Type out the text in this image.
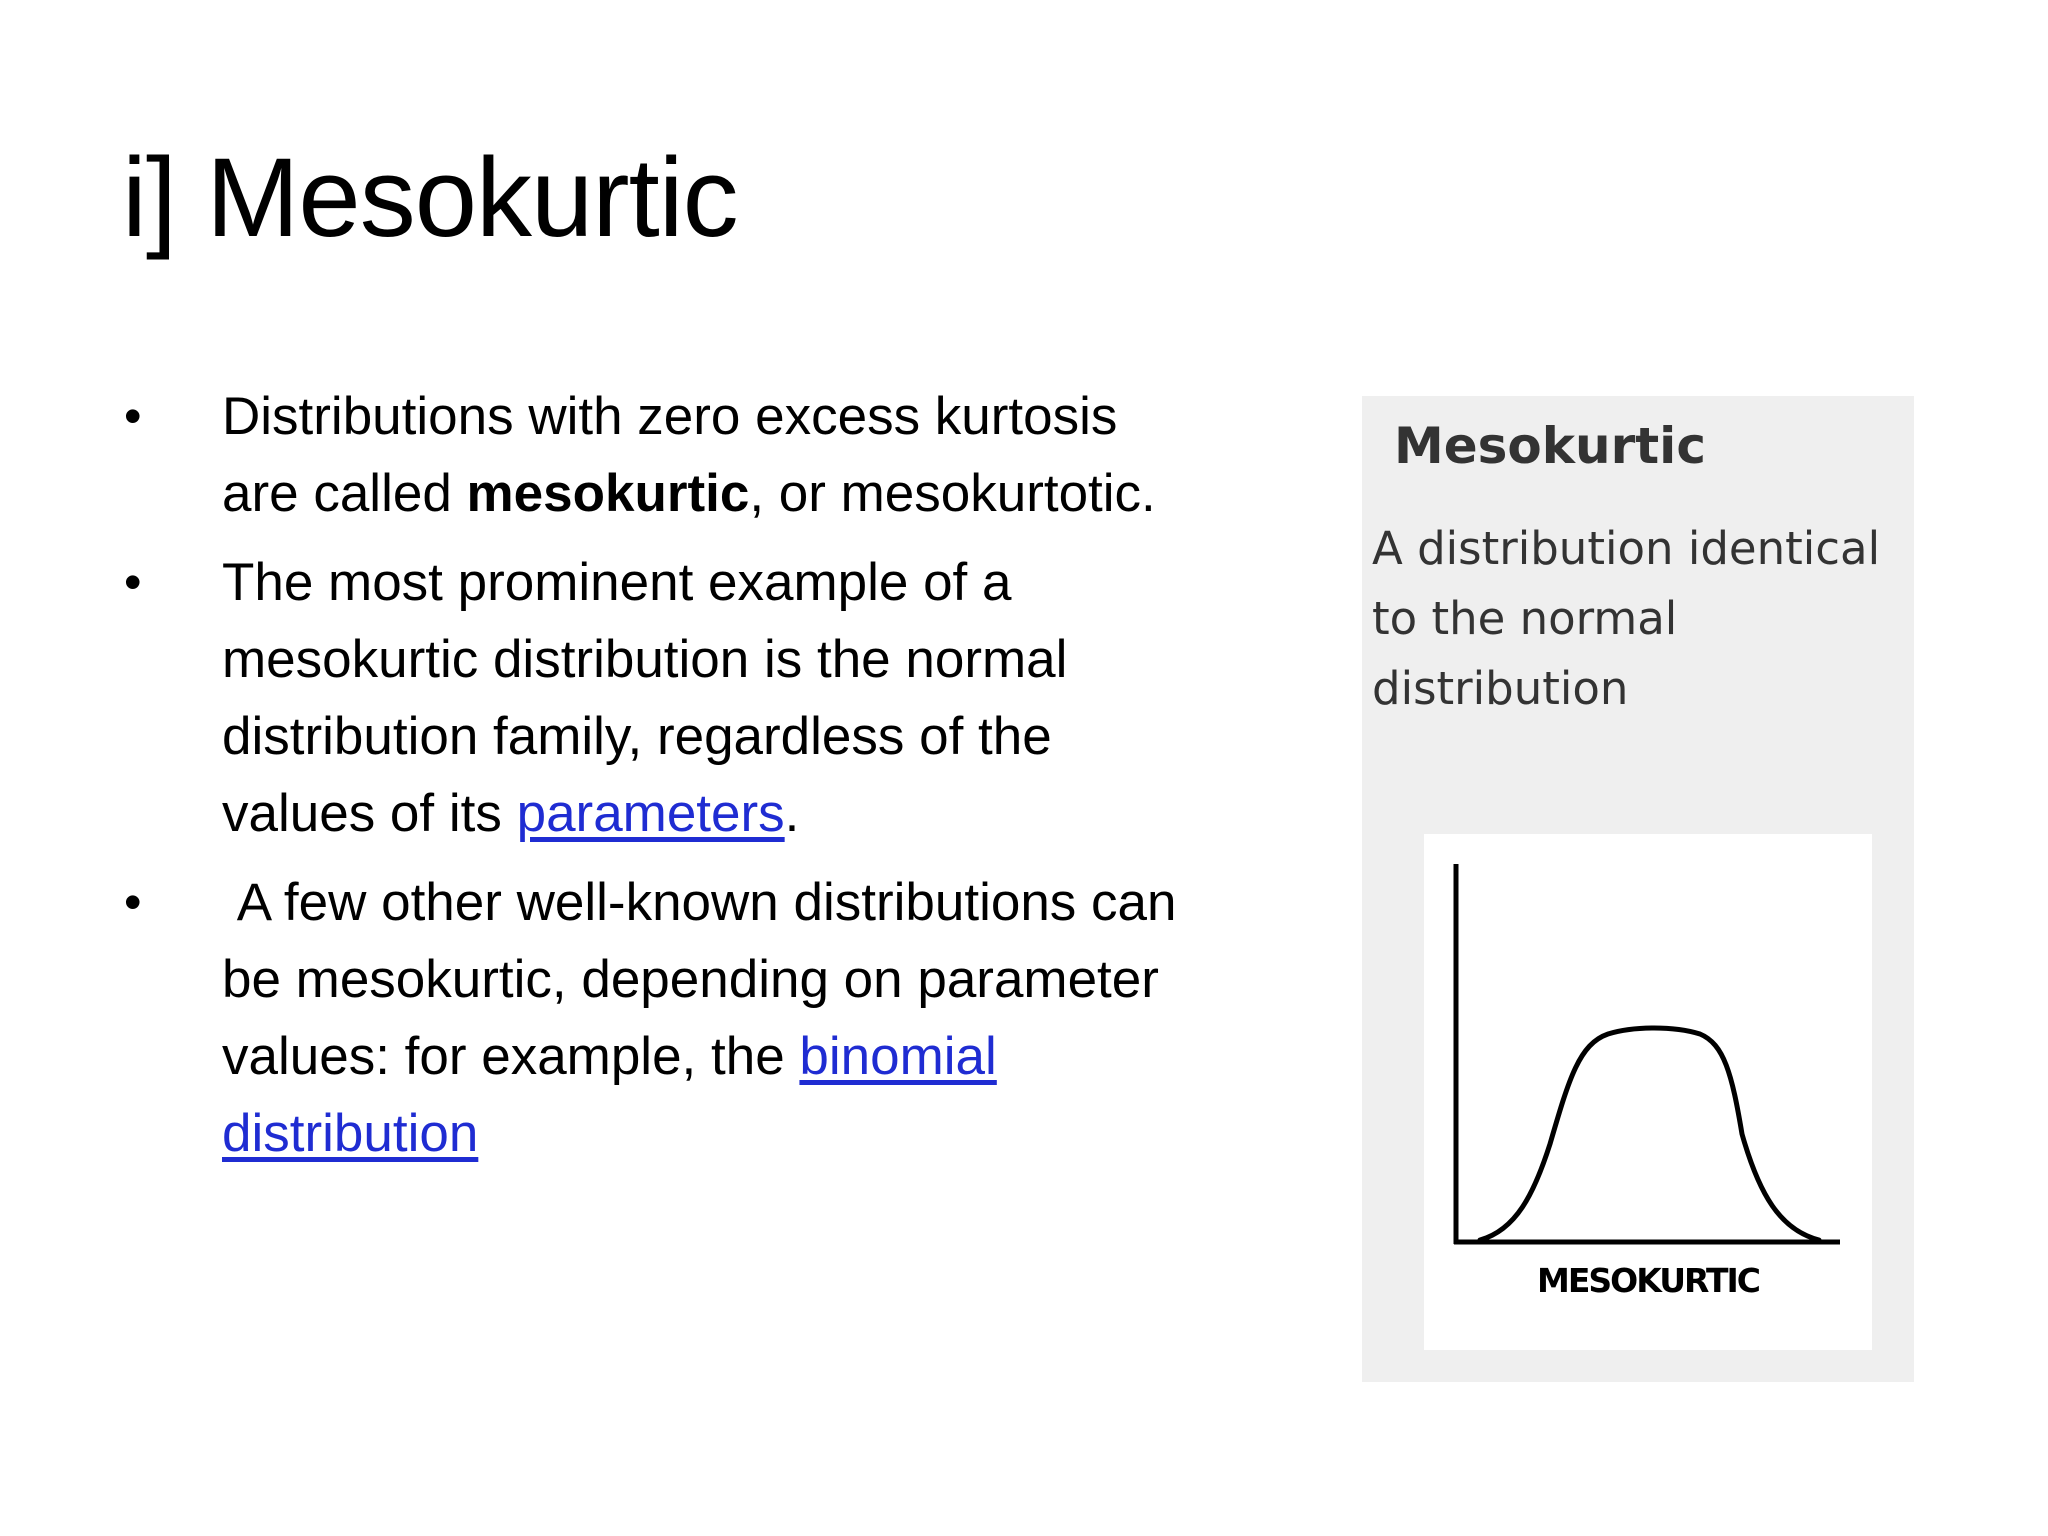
i] Mesokurtic
• Distributions with zero excess kurtosis are called mesokurtic, or mesokurtotic.
• The most prominent example of a mesokurtic distribution is the normal distribution family, regardless of the values of its parameters.
• A few other well-known distributions can be mesokurtic, depending on parameter values: for example, the binomial distribution
Mesokurtic

A distribution identical to the normal distribution

MESOKURTIC
